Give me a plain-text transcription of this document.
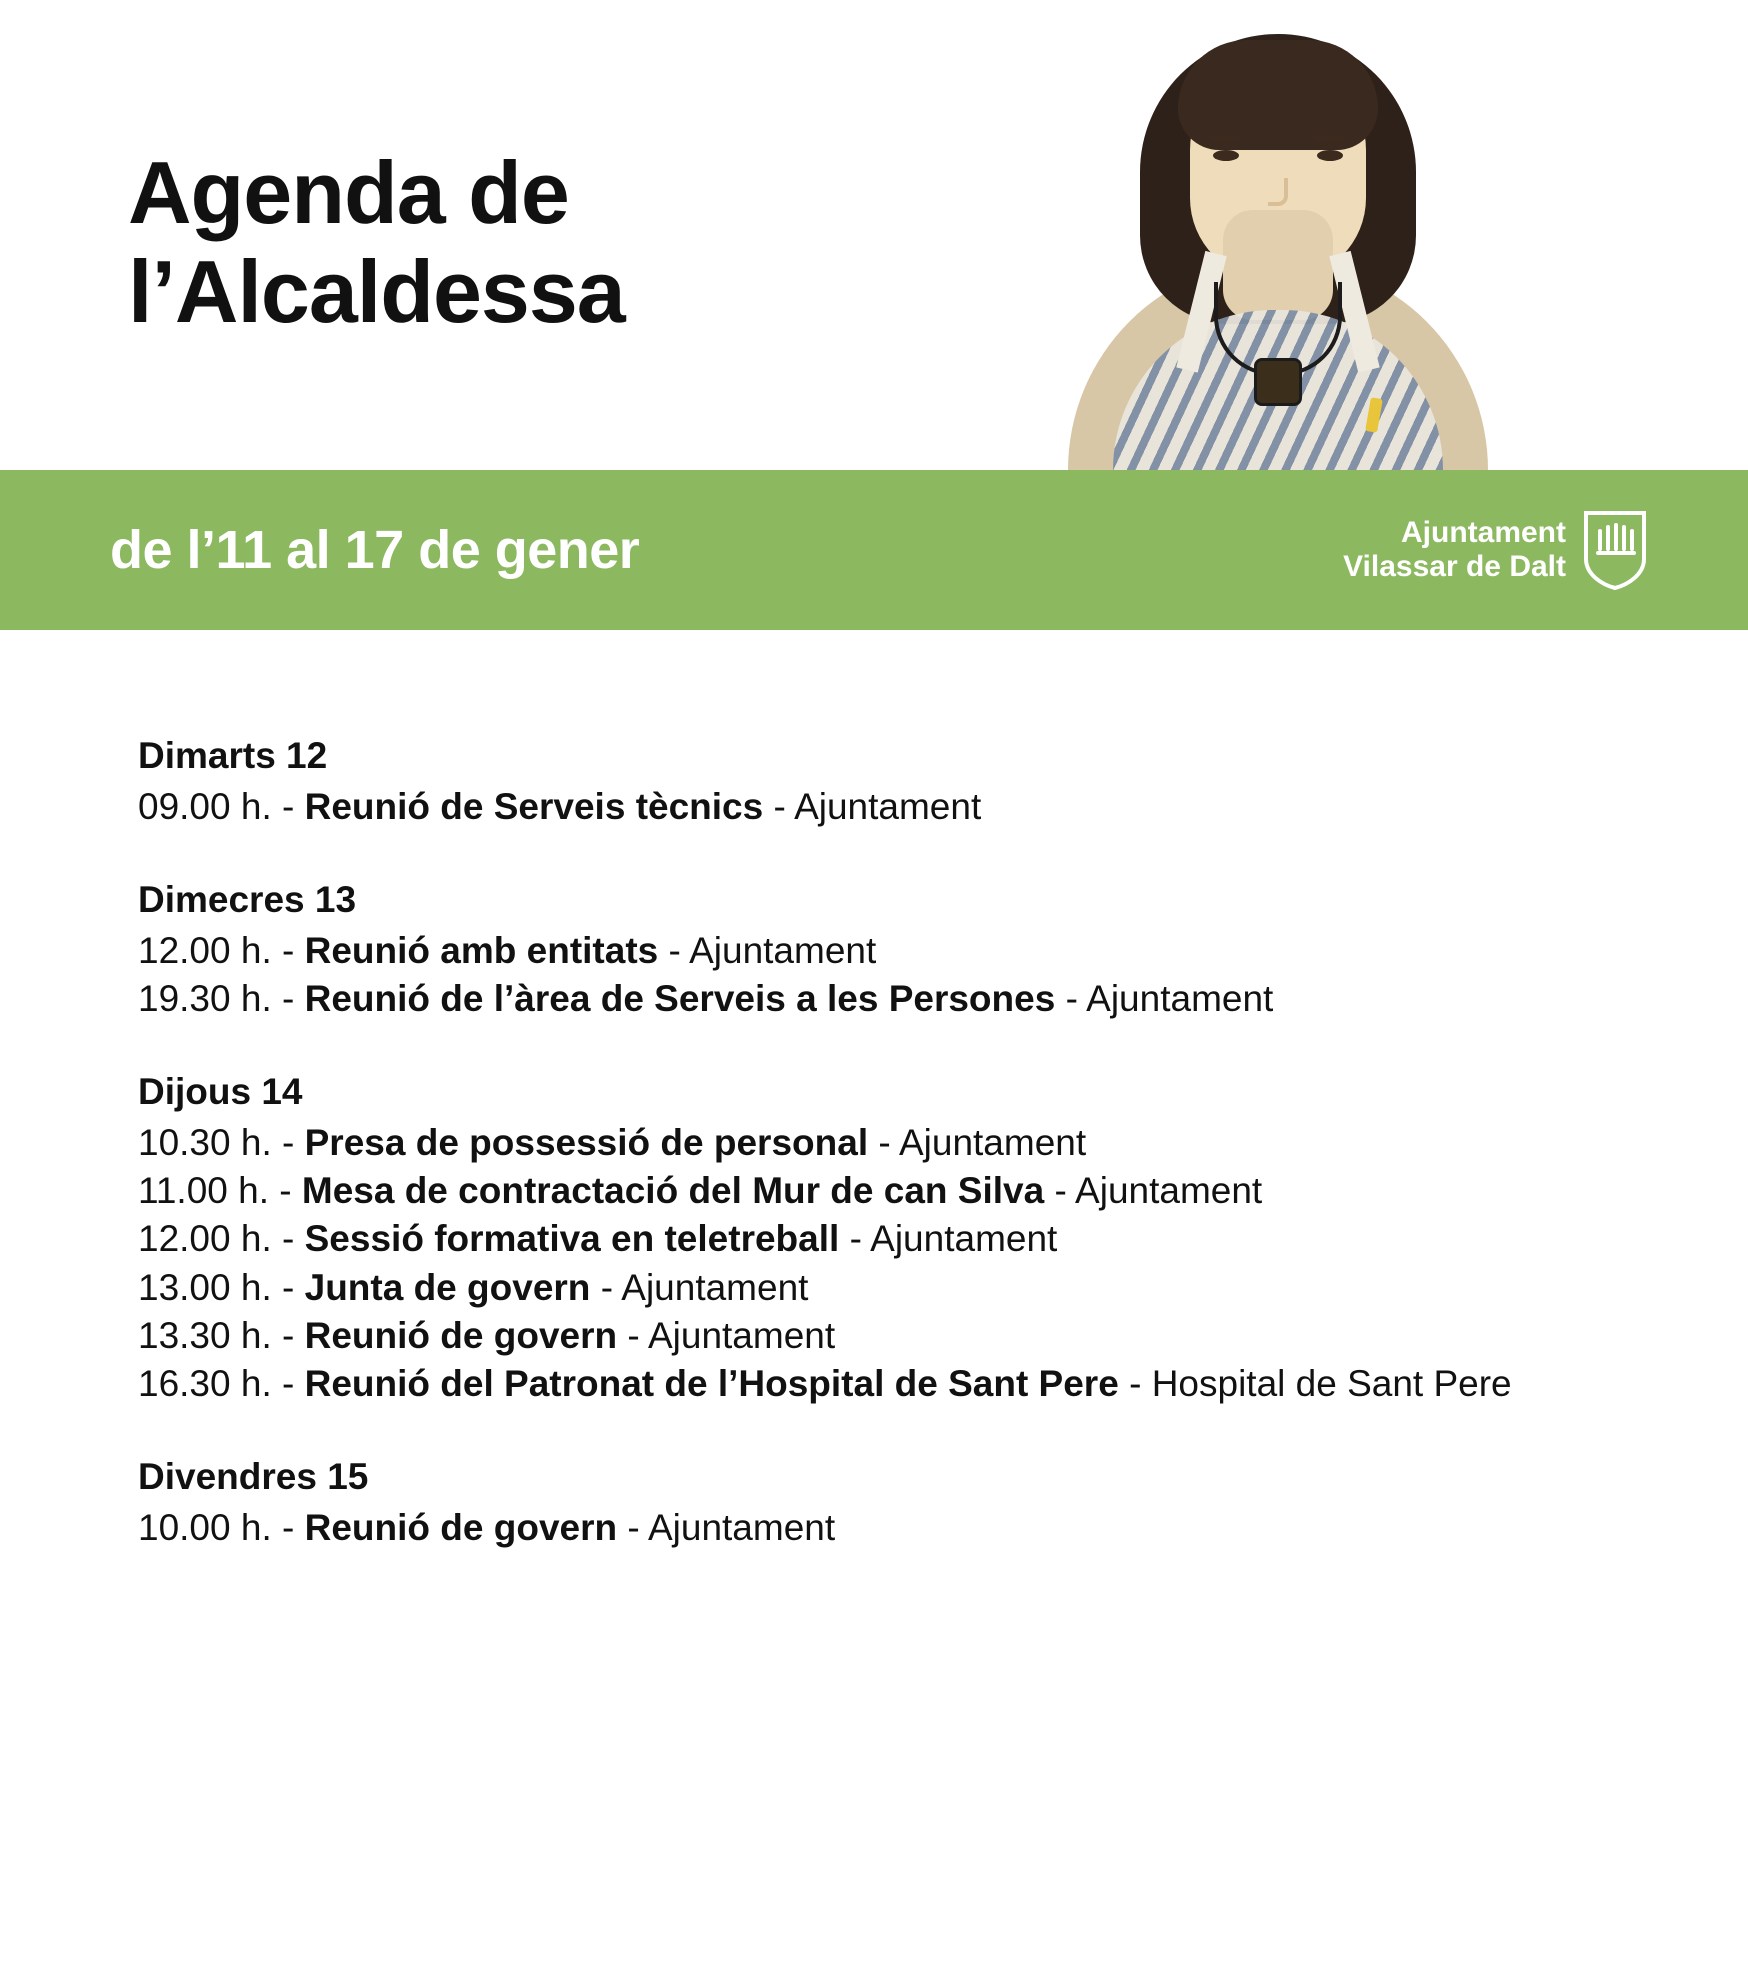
Agenda de
l’Alcaldessa
de l’11 al 17 de gener	Ajuntament
Vilassar de Dalt
Dimarts 12
09.00 h. - Reunió de Serveis tècnics - Ajuntament
Dimecres 13
12.00 h. - Reunió amb entitats - Ajuntament
19.30 h. - Reunió de l’àrea de Serveis a les Persones - Ajuntament
Dijous 14
10.30 h. - Presa de possessió de personal - Ajuntament
11.00 h. - Mesa de contractació del Mur de can Silva - Ajuntament
12.00 h. - Sessió formativa en teletreball - Ajuntament
13.00 h. - Junta de govern - Ajuntament
13.30 h. - Reunió de govern - Ajuntament
16.30 h. - Reunió del Patronat de l’Hospital de Sant Pere - Hospital de Sant Pere
Divendres 15
10.00 h. - Reunió de govern - Ajuntament
